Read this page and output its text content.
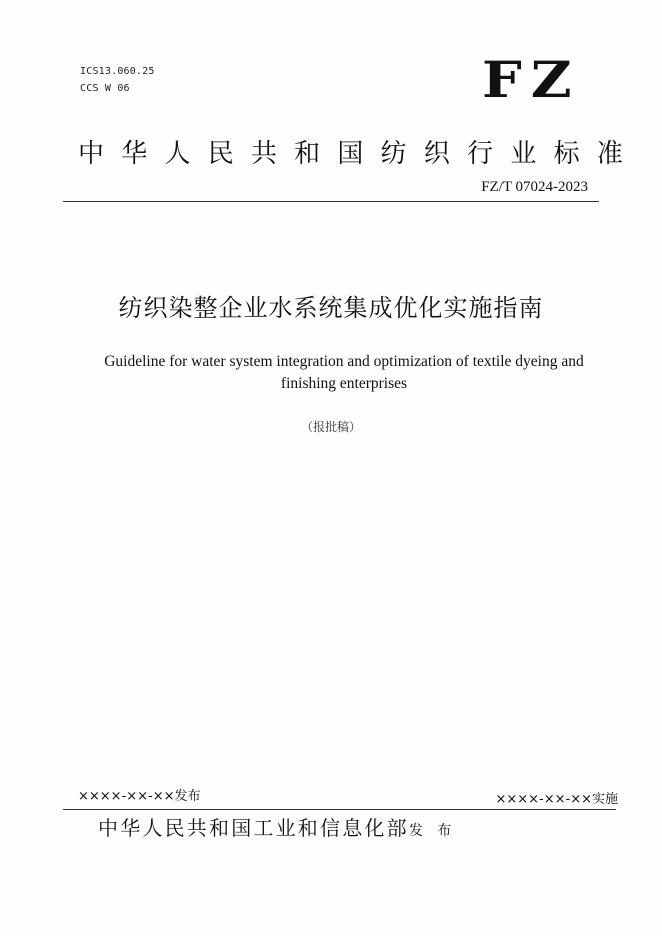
ICS13.060.25
CCS W 06	FZ
中 华 人 民 共 和 国 纺 织 行 业 标 准
FZ/T 07024-2023
纺织染整企业水系统集成优化实施指南
Guideline for water system integration and optimization of textile dyeing and finishing enterprises
（报批稿）
××××-××-××发布	××××-××-××实施
中华人民共和国工业和信息化部发 布
